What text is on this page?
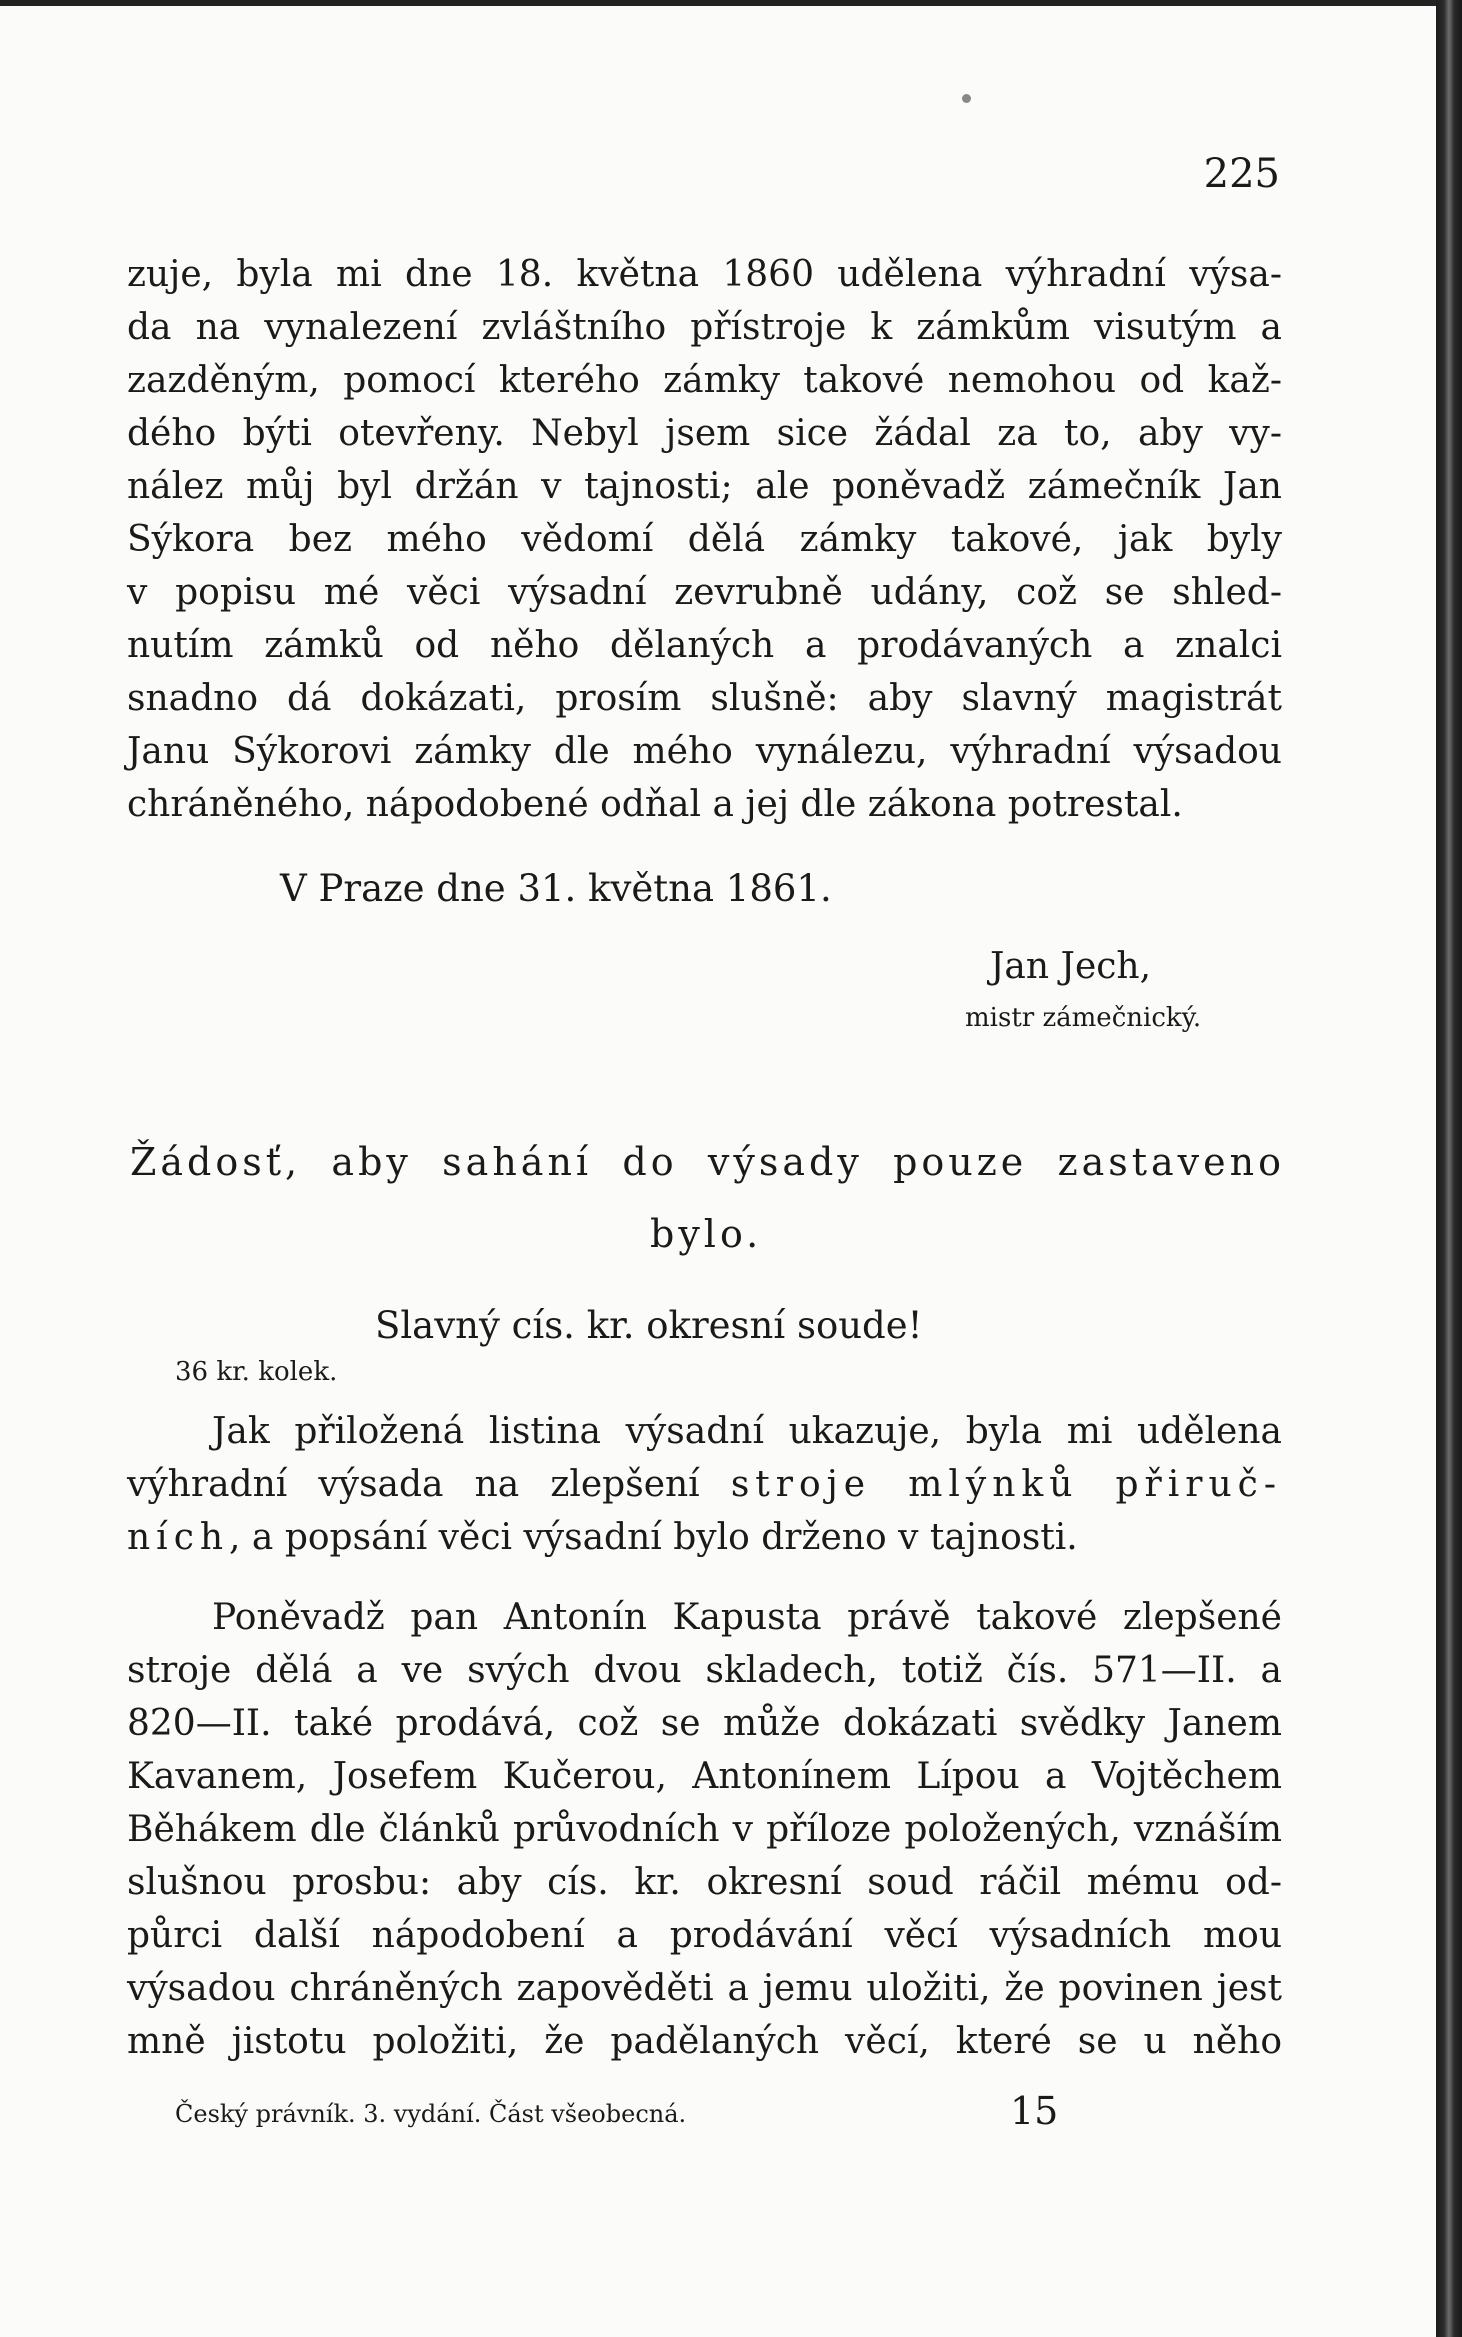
225
zuje, byla mi dne 18. května 1860 udělena výhradní výsa-
da na vynalezení zvláštního přístroje k zámkům visutým a
zazděným, pomocí kterého zámky takové nemohou od kaž-
dého býti otevřeny. Nebyl jsem sice žádal za to, aby vy-
nález můj byl držán v tajnosti; ale poněvadž zámečník Jan
Sýkora bez mého vědomí dělá zámky takové, jak byly
v popisu mé věci výsadní zevrubně udány, což se shled-
nutím zámků od něho dělaných a prodávaných a znalci
snadno dá dokázati, prosím slušně: aby slavný magistrát
Janu Sýkorovi zámky dle mého vynálezu, výhradní výsadou
chráněného, nápodobené odňal a jej dle zákona potrestal.
V Praze dne 31. května 1861.
Jan Jech,
mistr zámečnický.
Žádosť, aby sahání do výsady pouze zastaveno
bylo.
Slavný cís. kr. okresní soude!
36 kr. kolek.
Jak přiložená listina výsadní ukazuje, byla mi udělena
výhradní výsada na zlepšení stroje mlýnků přiruč-
ních, a popsání věci výsadní bylo drženo v tajnosti.
Poněvadž pan Antonín Kapusta právě takové zlepšené
stroje dělá a ve svých dvou skladech, totiž čís. 571—II. a
820—II. také prodává, což se může dokázati svědky Janem
Kavanem, Josefem Kučerou, Antonínem Lípou a Vojtěchem
Běhákem dle článků průvodních v příloze položených, vznáším
slušnou prosbu: aby cís. kr. okresní soud ráčil mému od-
půrci další nápodobení a prodávání věcí výsadních mou
výsadou chráněných zapověděti a jemu uložiti, že povinen jest
mně jistotu položiti, že padělaných věcí, které se u něho
Český právník. 3. vydání. Část všeobecná.	15
